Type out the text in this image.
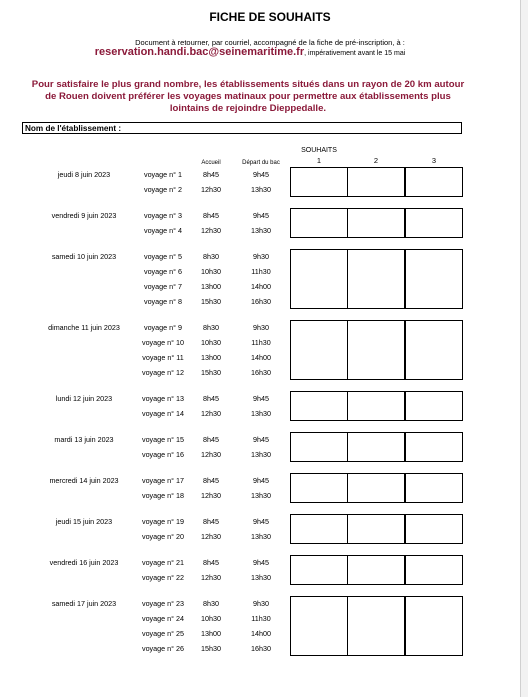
FICHE DE SOUHAITS
Document à retourner, par courriel, accompagné de la fiche de pré-inscription, à :
reservation.handi.bac@seinemaritime.fr, impérativement avant le 15 mai
Pour satisfaire le plus grand nombre, les établissements situés dans un rayon de 20 km autour de Rouen doivent préférer les voyages matinaux pour permettre aux établissements plus lointains de rejoindre Dieppedalle.
Nom de l'établissement :
Accueil	Départ du bac
SOUHAITS
1	2	3
jeudi 8 juin 2023	voyage n° 1	8h45	9h45
voyage n° 2	12h30	13h30
vendredi 9 juin 2023	voyage n° 3	8h45	9h45
voyage n° 4	12h30	13h30
samedi 10 juin 2023	voyage n° 5	8h30	9h30
voyage n° 6	10h30	11h30
voyage n° 7	13h00	14h00
voyage n° 8	15h30	16h30
dimanche 11 juin 2023	voyage n° 9	8h30	9h30
voyage n° 10	10h30	11h30
voyage n° 11	13h00	14h00
voyage n° 12	15h30	16h30
lundi 12 juin 2023	voyage n° 13	8h45	9h45
voyage n° 14	12h30	13h30
mardi 13 juin 2023	voyage n° 15	8h45	9h45
voyage n° 16	12h30	13h30
mercredi 14 juin 2023	voyage n° 17	8h45	9h45
voyage n° 18	12h30	13h30
jeudi 15 juin 2023	voyage n° 19	8h45	9h45
voyage n° 20	12h30	13h30
vendredi 16 juin 2023	voyage n° 21	8h45	9h45
voyage n° 22	12h30	13h30
samedi 17 juin 2023	voyage n° 23	8h30	9h30
voyage n° 24	10h30	11h30
voyage n° 25	13h00	14h00
voyage n° 26	15h30	16h30
